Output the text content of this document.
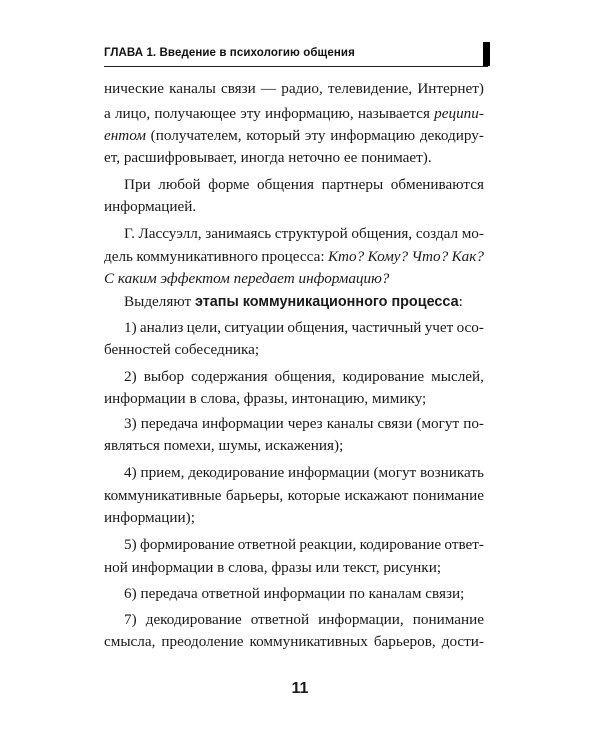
ГЛАВА 1. Введение в психологию общения
нические каналы связи — радио, телевидение, Интернет)
а лицо, получающее эту информацию, называется реципи-
ентом (получателем, который эту информацию декодиру-
ет, расшифровывает, иногда неточно ее понимает).
При любой форме общения партнеры обмениваются
информацией.
Г. Лассуэлл, занимаясь структурой общения, создал мо-
дель коммуникативного процесса: Кто? Кому? Что? Как?
С каким эффектом передает информацию?
Выделяют этапы коммуникационного процесса:
1) анализ цели, ситуации общения, частичный учет осо-
бенностей собеседника;
2) выбор содержания общения, кодирование мыслей,
информации в слова, фразы, интонацию, мимику;
3) передача информации через каналы связи (могут по-
являться помехи, шумы, искажения);
4) прием, декодирование информации (могут возникать
коммуникативные барьеры, которые искажают понимание
информации);
5) формирование ответной реакции, кодирование ответ-
ной информации в слова, фразы или текст, рисунки;
6) передача ответной информации по каналам связи;
7) декодирование ответной информации, понимание
смысла, преодоление коммуникативных барьеров, дости-
11
